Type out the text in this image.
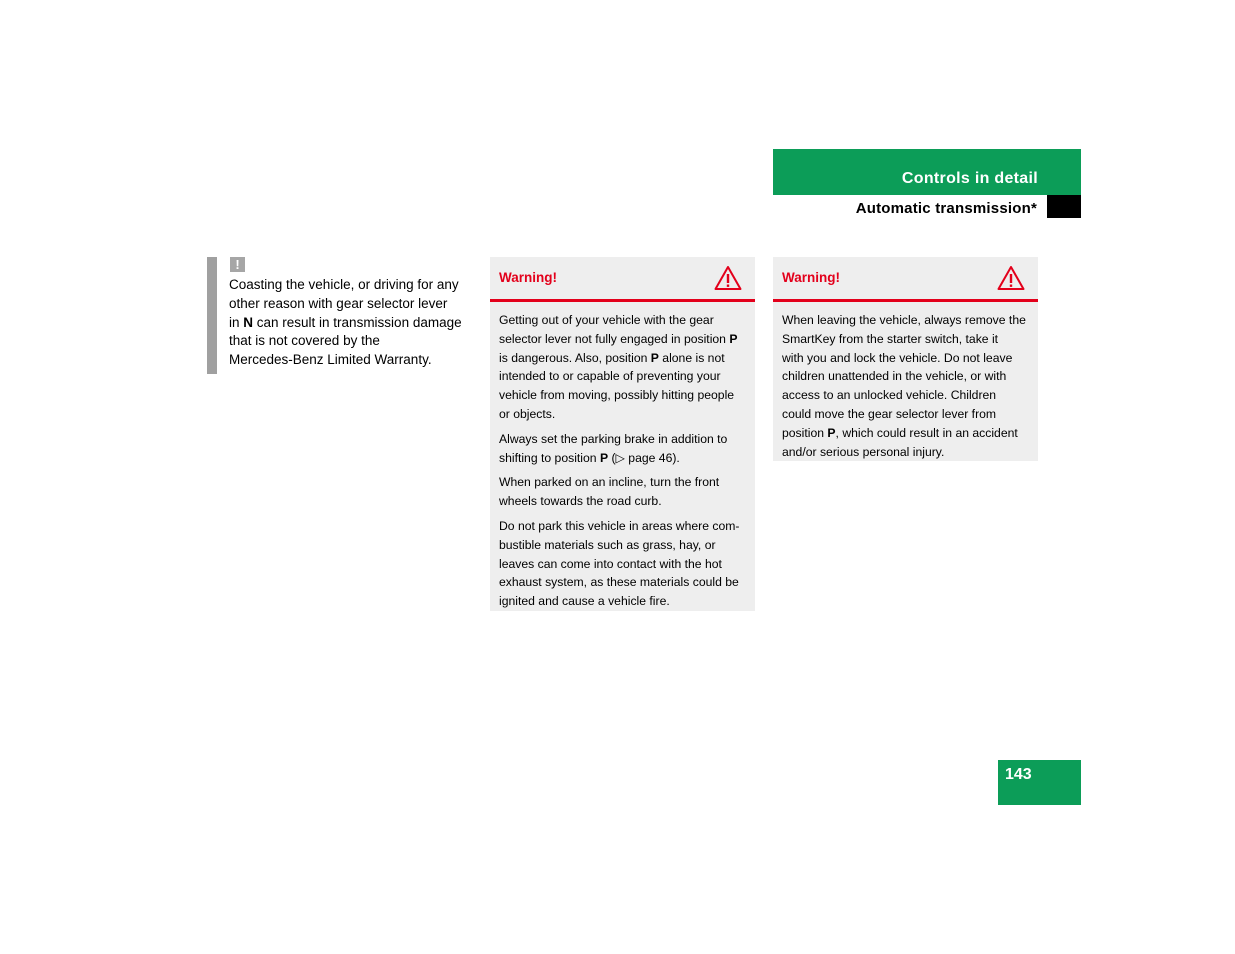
Controls in detail
Automatic transmission*
!
Coasting the vehicle, or driving for any
other reason with gear selector lever
in N can result in transmission damage
that is not covered by the
Mercedes-Benz Limited Warranty.
Warning!

Getting out of your vehicle with the gear
selector lever not fully engaged in position P
is dangerous. Also, position P alone is not
intended to or capable of preventing your
vehicle from moving, possibly hitting people
or objects.

Always set the parking brake in addition to
shifting to position P (▷ page 46).

When parked on an incline, turn the front
wheels towards the road curb.

Do not park this vehicle in areas where com-
bustible materials such as grass, hay, or
leaves can come into contact with the hot
exhaust system, as these materials could be
ignited and cause a vehicle fire.

Warning!

When leaving the vehicle, always remove the
SmartKey from the starter switch, take it
with you and lock the vehicle. Do not leave
children unattended in the vehicle, or with
access to an unlocked vehicle. Children
could move the gear selector lever from
position P, which could result in an accident
and/or serious personal injury.

143
